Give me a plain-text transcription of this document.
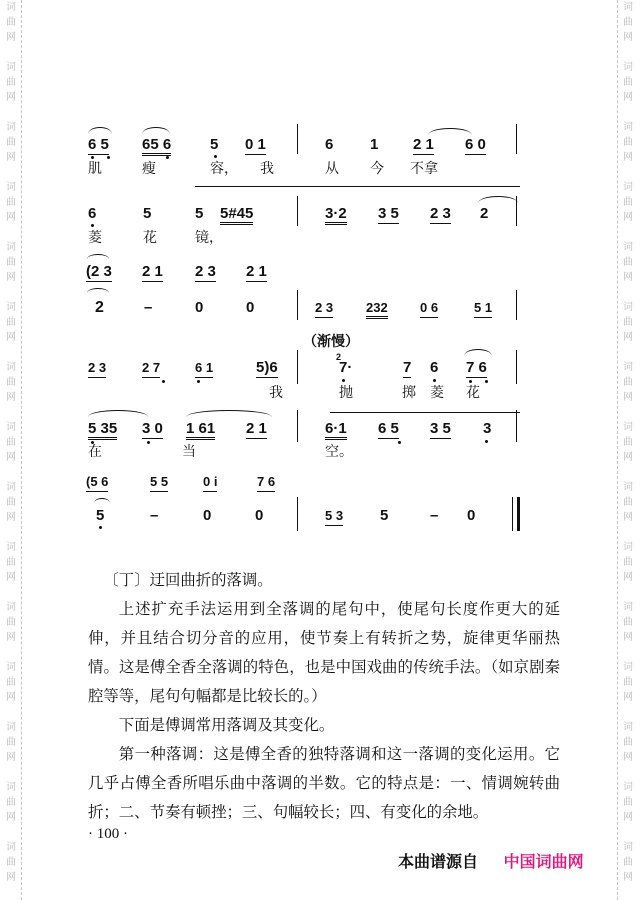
词
曲
网
词
曲
网
词
曲
网
词
曲
网
词
曲
网
词
曲
网
词
曲
网
词
曲
网
词
曲
网
词
曲
网
词
曲
网
词
曲
网
词
曲
网
词
曲
网
词
曲
网
词
曲
网
词
曲
网
词
曲
网
词
曲
网
词
曲
网
词
曲
网
词
曲
网
词
曲
网
词
曲
网
词
曲
网
词
曲
网
词
曲
网
词
曲
网
词
曲
网
词
曲
网
6 5 65 6	5 0 1	6 1 2 1 6 0
肌	瘦	容， 我	从 今 不拿
6	5	5 5#45	3·2 3 5 2 3 2
菱	花	镜，
(2 3 2 1 2 3 2 1
2	–	0	0	2 3	232 0 6	5 1
（渐慢）
2 3	2 7	6 1	5)6
2
7·	7 6 7 6
我	抛	掷 菱 花
5 35 3 0 1 61 2 1	6·1 6 5 3 5 3
在	当	空。
(5 6	5 5	0 i	7 6
5	–	0	0	5 3 5	– 0

〔丁〕迂回曲折的落调。

上述扩充手法运用到全落调的尾句中，使尾句长度作更大的延伸，并且结合切分音的应用，使节奏上有转折之势，旋律更华丽热情。这是傅全香全落调的特色，也是中国戏曲的传统手法。（如京剧秦腔等等，尾句句幅都是比较长的。）

下面是傅调常用落调及其变化。

第一种落调：这是傅全香的独特落调和这一落调的变化运用。它几乎占傅全香所唱乐曲中落调的半数。它的特点是：一、情调婉转曲折；二、节奏有顿挫；三、句幅较长；四、有变化的余地。

· 100 ·
本曲谱源自 中国词曲网
